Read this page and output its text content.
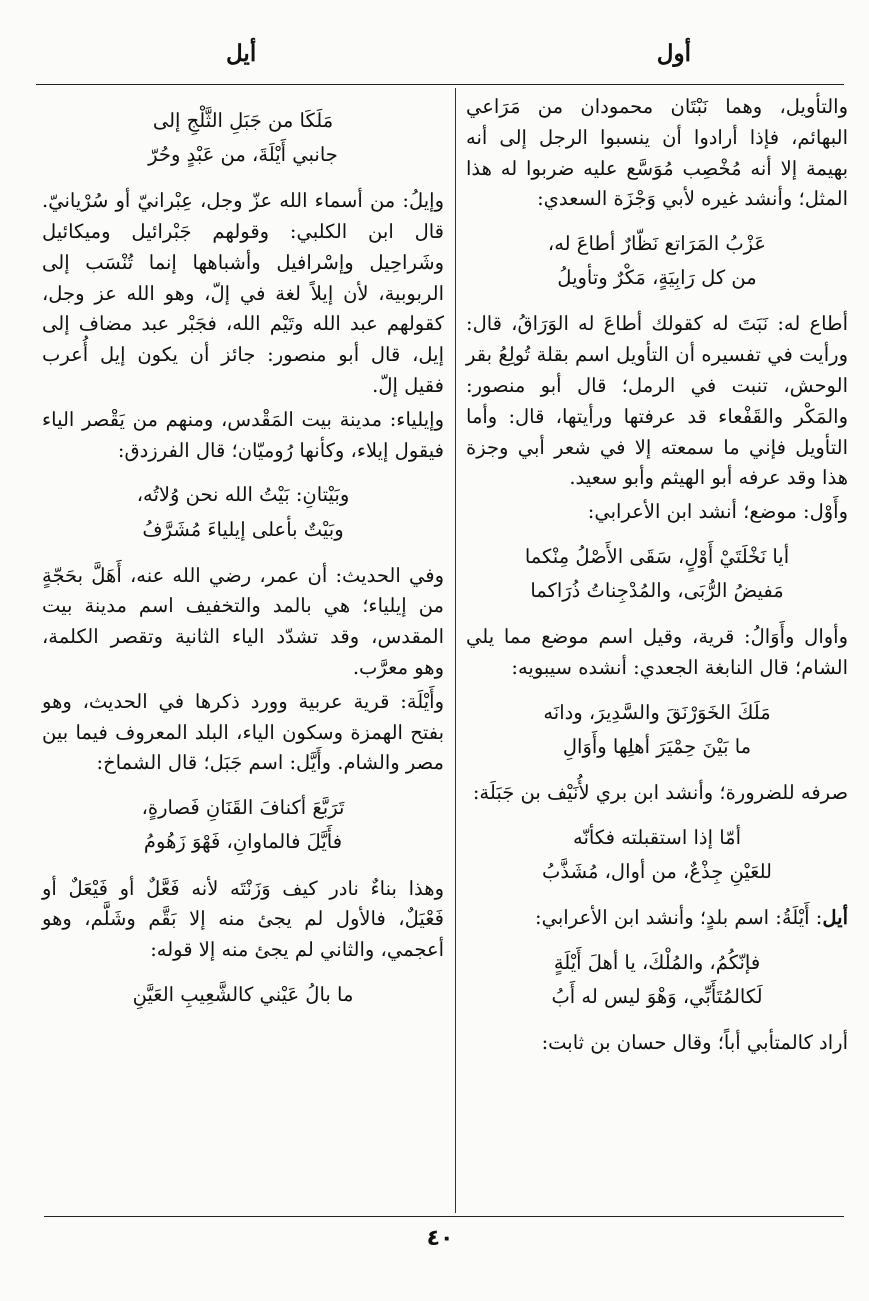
أول
أيل

والتأويل، وهما نَبْتَان محمودان من مَرَاعي البهائم، فإذا أرادوا أن ينسبوا الرجل إلى أنه بهيمة إلا أنه مُخْصِب مُوَسَّع عليه ضربوا له هذا المثل؛ وأنشد غيره لأبي وَجْزَة السعدي:

عَزْبُ المَرَاتع نَظّارٌ أطاعَ له،
من كل رَابِيَةٍ، مَكْرٌ وتأويلُ

أطاع له: نَبَتَ له كقولك أطاعَ له الوَرَاقُ، قال: ورأيت في تفسيره أن التأويل اسم بقلة تُولِعُ بقر الوحش، تنبت في الرمل؛ قال أبو منصور: والمَكْر والقَفْعاء قد عرفتها ورأيتها، قال: وأما التأويل فإني ما سمعته إلا في شعر أبي وجزة هذا وقد عرفه أبو الهيثم وأبو سعيد.

وأَوْل: موضع؛ أنشد ابن الأعرابي:

أيا نَخْلَتَيْ أَوْلٍ، سَقَى الأَصْلُ مِنْكما
مَفيضُ الرُّبَى، والمُدْجِناتُ ذُرَاكما

وأوال وأَوَالُ: قرية، وقيل اسم موضع مما يلي الشام؛ قال النابغة الجعدي: أنشده سيبويه:

مَلَكَ الخَوَرْنَقَ والسَّدِيرَ، ودانَه
ما بَيْنَ حِمْيَرَ أهلِها وأَوَالِ

صرفه للضرورة؛ وأنشد ابن بري لأُنَيْف بن جَبَلَة:

أمّا إذا استقبلته فكأنّه
للعَيْنِ جِذْعٌ، من أوال، مُشَذَّبُ

أيل: أَيْلَةُ: اسم بلدٍ؛ وأنشد ابن الأعرابي:

فإنّكُمُ، والمُلْكَ، يا أهلَ أَيْلَةٍ
لَكالمُتَأَبِّي، وَهْوَ ليس له أَبُ

أراد كالمتأبي أباً؛ وقال حسان بن ثابت:

مَلَكَا من جَبَلِ الثَّلْجِ إلى
جانبي أَيْلَةَ، من عَبْدٍ وحُرّ

وإيلُ: من أسماء الله عزّ وجل، عِبْرانيّ أو سُرْيانيّ. قال ابن الكلبي: وقولهم جَبْرائيل وميكائيل وشَراحِيل وإسْرافيل وأشباهها إنما تُنْسَب إلى الربوبية، لأن إيلاً لغة في إلّ، وهو الله عز وجل، كقولهم عبد الله وتَيْم الله، فجَبْر عبد مضاف إلى إيل، قال أبو منصور: جائز أن يكون إيل أُعرب فقيل إلّ.

وإيلياء: مدينة بيت المَقْدس، ومنهم من يَقْصر الياء فيقول إيلاء، وكأنها رُوميّان؛ قال الفرزدق:

وبَيْتانِ: بَيْتُ الله نحن وُلاتُه،
وبَيْتٌ بأعلى إيلياءَ مُشَرَّفُ

وفي الحديث: أن عمر، رضي الله عنه، أَهَلَّ بحَجّةٍ من إيلياء؛ هي بالمد والتخفيف اسم مدينة بيت المقدس، وقد تشدّد الياء الثانية وتقصر الكلمة، وهو معرَّب.

وأَيْلَة: قرية عربية وورد ذكرها في الحديث، وهو بفتح الهمزة وسكون الياء، البلد المعروف فيما بين مصر والشام. وأَيَّل: اسم جَبَل؛ قال الشماخ:

تَرَبَّعَ أكنافَ القَنَانِ فَصارةٍ،
فأَيَّلَ فالماوانِ، فَهْوَ زَهُومُ

وهذا بناءٌ نادر كيف وَزَنْتَه لأنه فَعَّلٌ أو فَيْعَلٌ أو فَعْيَلٌ، فالأول لم يجئ منه إلا بَقَّم وشَلَّم، وهو أعجمي، والثاني لم يجئ منه إلا قوله:

ما بالُ عَيْني كالشَّعِيبِ العَيَّنِ
٤٠
